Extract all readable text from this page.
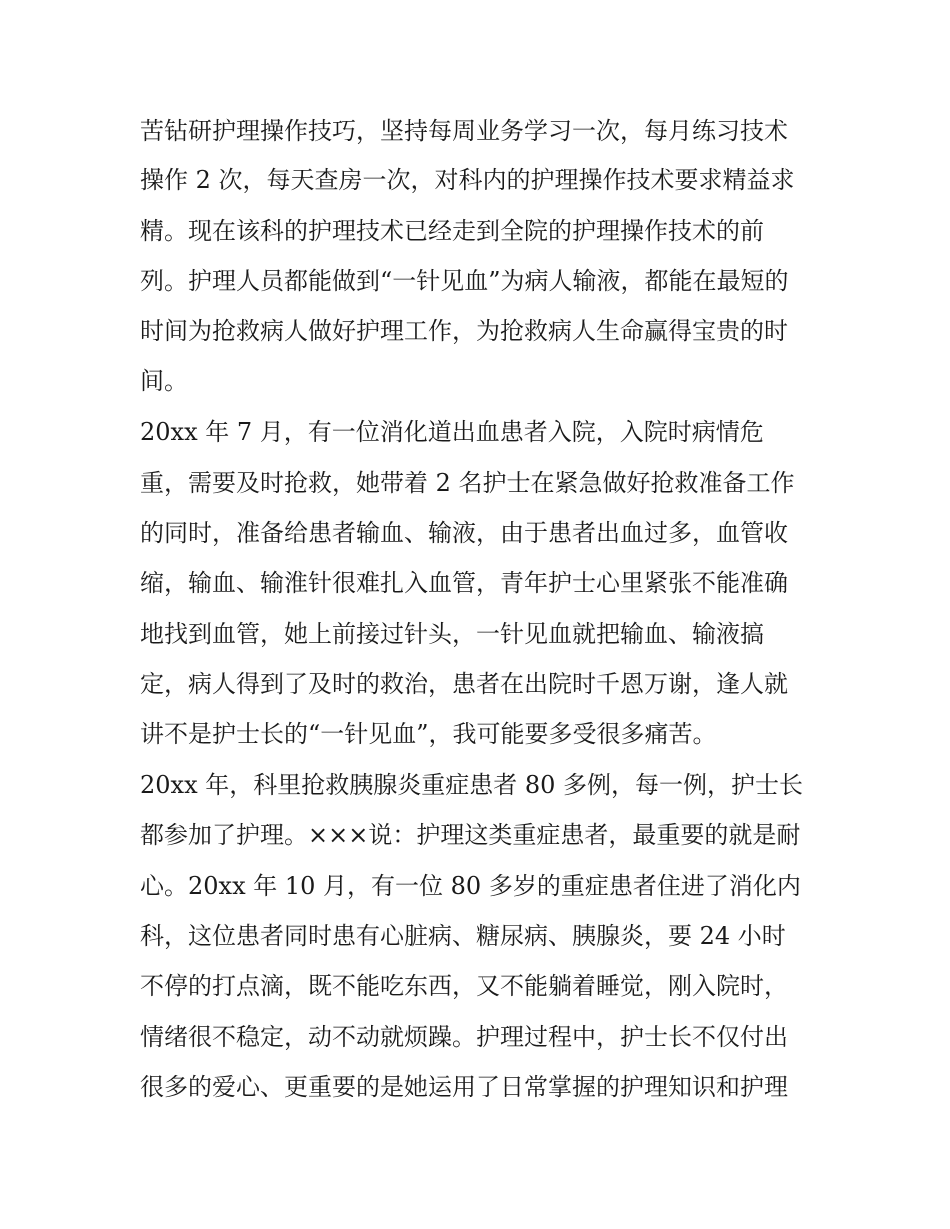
苦钻研护理操作技巧，坚持每周业务学习一次，每月练习技术
操作 2 次，每天查房一次，对科内的护理操作技术要求精益求
精。现在该科的护理技术已经走到全院的护理操作技术的前
列。护理人员都能做到“一针见血”为病人输液，都能在最短的
时间为抢救病人做好护理工作，为抢救病人生命赢得宝贵的时
间。
20xx 年 7 月，有一位消化道出血患者入院，入院时病情危
重，需要及时抢救，她带着 2 名护士在紧急做好抢救准备工作
的同时，准备给患者输血、输液，由于患者出血过多，血管收
缩，输血、输淮针很难扎入血管，青年护士心里紧张不能准确
地找到血管，她上前接过针头，一针见血就把输血、输液搞
定，病人得到了及时的救治，患者在出院时千恩万谢，逢人就
讲不是护士长的“一针见血”，我可能要多受很多痛苦。
20xx 年，科里抢救胰腺炎重症患者 80 多例，每一例，护士长
都参加了护理。×××说：护理这类重症患者，最重要的就是耐
心。20xx 年 10 月，有一位 80 多岁的重症患者住进了消化内
科，这位患者同时患有心脏病、糖尿病、胰腺炎，要 24 小时
不停的打点滴，既不能吃东西，又不能躺着睡觉，刚入院时，
情绪很不稳定，动不动就烦躁。护理过程中，护士长不仅付出
很多的爱心、更重要的是她运用了日常掌握的护理知识和护理
